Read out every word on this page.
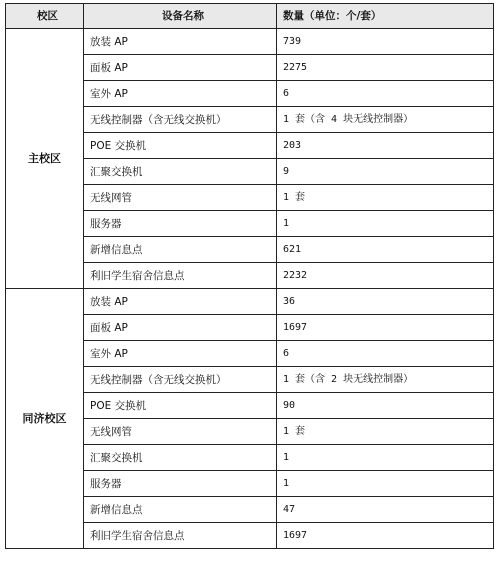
校区	设备名称	数量（单位：个/套）
主校区	放装 AP	739
	面板 AP	2275
	室外 AP	6
	无线控制器（含无线交换机）	1 套（含 4 块无线控制器）
	POE 交换机	203
	汇聚交换机	9
	无线网管	1 套
	服务器	1
	新增信息点	621
	利旧学生宿舍信息点	2232
同济校区	放装 AP	36
	面板 AP	1697
	室外 AP	6
	无线控制器（含无线交换机）	1 套（含 2 块无线控制器）
	POE 交换机	90
	无线网管	1 套
	汇聚交换机	1
	服务器	1
	新增信息点	47
	利旧学生宿舍信息点	1697
